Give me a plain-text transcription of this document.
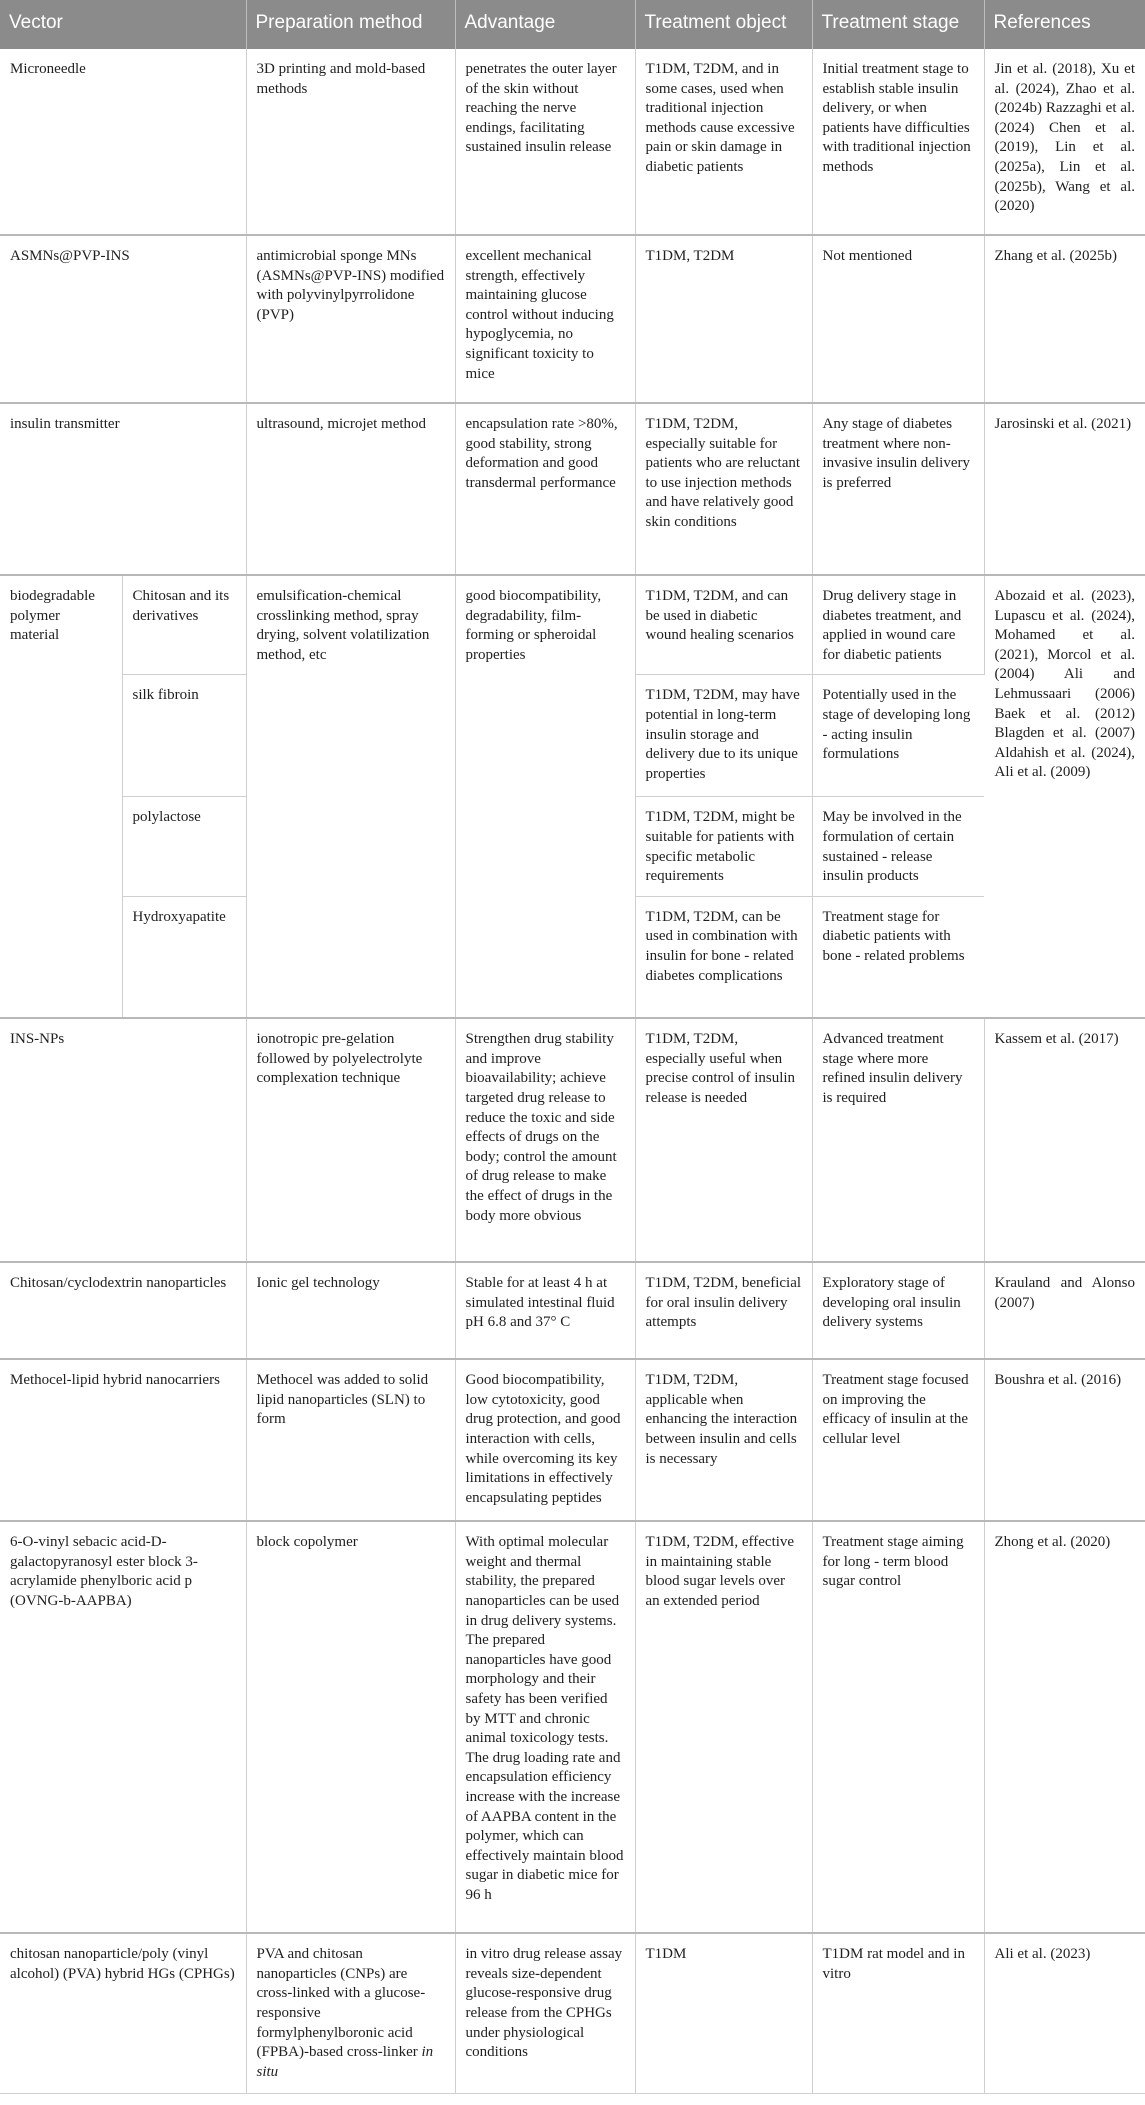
Vector		Preparation method	Advantage	Treatment object	Treatment stage	References
Microneedle		3D printing and mold-based methods	penetrates the outer layer of the skin without reaching the nerve endings, facilitating sustained insulin release	T1DM, T2DM, and in some cases, used when traditional injection methods cause excessive pain or skin damage in diabetic patients	Initial treatment stage to establish stable insulin delivery, or when patients have difficulties with traditional injection methods	Jin et al. (2018), Xu et al. (2024), Zhao et al. (2024b) Razzaghi et al. (2024) Chen et al. (2019), Lin et al. (2025a), Lin et al. (2025b), Wang et al. (2020)
ASMNs@PVP-INS		antimicrobial sponge MNs (ASMNs@PVP-INS) modified with polyvinylpyrrolidone (PVP)	excellent mechanical strength, effectively maintaining glucose control without inducing hypoglycemia, no significant toxicity to mice	T1DM, T2DM	Not mentioned	Zhang et al. (2025b)
insulin transmitter		ultrasound, microjet method	encapsulation rate >80%, good stability, strong deformation and good transdermal performance	T1DM, T2DM, especially suitable for patients who are reluctant to use injection methods and have relatively good skin conditions	Any stage of diabetes treatment where non-invasive insulin delivery is preferred	Jarosinski et al. (2021)
biodegradable polymer material	Chitosan and its derivatives	emulsification-chemical crosslinking method, spray drying, solvent volatilization method, etc	good biocompatibility, degradability, film-forming or spheroidal properties	T1DM, T2DM, and can be used in diabetic wound healing scenarios	Drug delivery stage in diabetes treatment, and applied in wound care for diabetic patients	Abozaid et al. (2023), Lupascu et al. (2024), Mohamed et al. (2021), Morcol et al. (2004) Ali and Lehmussaari (2006) Baek et al. (2012) Blagden et al. (2007) Aldahish et al. (2024), Ali et al. (2009)
	silk fibroin			T1DM, T2DM, may have potential in long-term insulin storage and delivery due to its unique properties	Potentially used in the stage of developing long - acting insulin formulations	
	polylactose			T1DM, T2DM, might be suitable for patients with specific metabolic requirements	May be involved in the formulation of certain sustained - release insulin products	
	Hydroxyapatite			T1DM, T2DM, can be used in combination with insulin for bone - related diabetes complications	Treatment stage for diabetic patients with bone - related problems	
INS-NPs		ionotropic pre-gelation followed by polyelectrolyte complexation technique	Strengthen drug stability and improve bioavailability; achieve targeted drug release to reduce the toxic and side effects of drugs on the body; control the amount of drug release to make the effect of drugs in the body more obvious	T1DM, T2DM, especially useful when precise control of insulin release is needed	Advanced treatment stage where more refined insulin delivery is required	Kassem et al. (2017)
Chitosan/cyclodextrin nanoparticles		Ionic gel technology	Stable for at least 4 h at simulated intestinal fluid pH 6.8 and 37° C	T1DM, T2DM, beneficial for oral insulin delivery attempts	Exploratory stage of developing oral insulin delivery systems	Krauland and Alonso (2007)
Methocel-lipid hybrid nanocarriers		Methocel was added to solid lipid nanoparticles (SLN) to form	Good biocompatibility, low cytotoxicity, good drug protection, and good interaction with cells, while overcoming its key limitations in effectively encapsulating peptides	T1DM, T2DM, applicable when enhancing the interaction between insulin and cells is necessary	Treatment stage focused on improving the efficacy of insulin at the cellular level	Boushra et al. (2016)
6-O-vinyl sebacic acid-D-galactopyranosyl ester block 3-acrylamide phenylboric acid p (OVNG-b-AAPBA)		block copolymer	With optimal molecular weight and thermal stability, the prepared nanoparticles can be used in drug delivery systems. The prepared nanoparticles have good morphology and their safety has been verified by MTT and chronic animal toxicology tests. The drug loading rate and encapsulation efficiency increase with the increase of AAPBA content in the polymer, which can effectively maintain blood sugar in diabetic mice for 96 h	T1DM, T2DM, effective in maintaining stable blood sugar levels over an extended period	Treatment stage aiming for long - term blood sugar control	Zhong et al. (2020)
chitosan nanoparticle/poly (vinyl alcohol) (PVA) hybrid HGs (CPHGs)		PVA and chitosan nanoparticles (CNPs) are cross-linked with a glucose-responsive formylphenylboronic acid (FPBA)-based cross-linker in situ	in vitro drug release assay reveals size-dependent glucose-responsive drug release from the CPHGs under physiological conditions	T1DM	T1DM rat model and in vitro	Ali et al. (2023)
